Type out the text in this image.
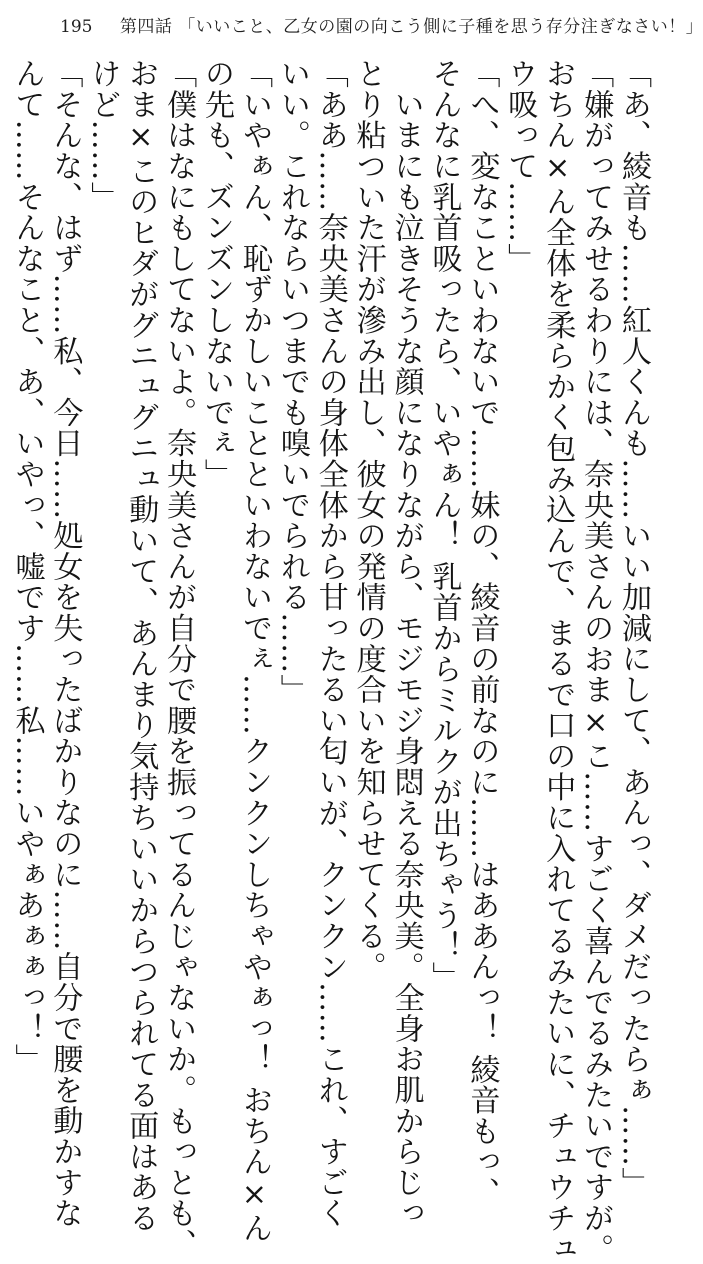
195 第四話 「いいこと、乙女の園の向こう側に子種を思う存分注ぎなさい！」
「あ、綾音も……紅人くんも……いい加減にして、あんっ、ダメだったらぁ……」
「嫌がってみせるわりには、奈央美さんのおま×こ……すごく喜んでるみたいですが。
おちん×ん全体を柔らかく包み込んで、まるで口の中に入れてるみたいに、チュウチュ
ウ吸って……」
「へ、変なこといわないで……妹の、綾音の前なのに……はああんっ！ 綾音もっ、
そんなに乳首吸ったら、いやぁん！ 乳首からミルクが出ちゃう！」
　いまにも泣きそうな顔になりながら、モジモジ身悶える奈央美。全身お肌からじっ
とり粘ついた汗が滲み出し、彼女の発情の度合いを知らせてくる。
「ああ……奈央美さんの身体全体から甘ったるい匂いが、クンクン……これ、すごく
いい。これならいつまでも嗅いでられる……」
「いやぁん、恥ずかしいことといわないでぇ……クンクンしちゃやぁっ！ おちん×ん
の先も、ズンズンしないでぇ」
「僕はなにもしてないよ。奈央美さんが自分で腰を振ってるんじゃないか。もっとも、
おま×このヒダがグニュグニュ動いて、あんまり気持ちいいからつられてる面はある
けど……」
「そんな、はず……私、今日……処女を失ったばかりなのに……自分で腰を動かすな
んて……そんなこと、あ、いやっ、嘘です……私……いやぁあぁぁっ！」
